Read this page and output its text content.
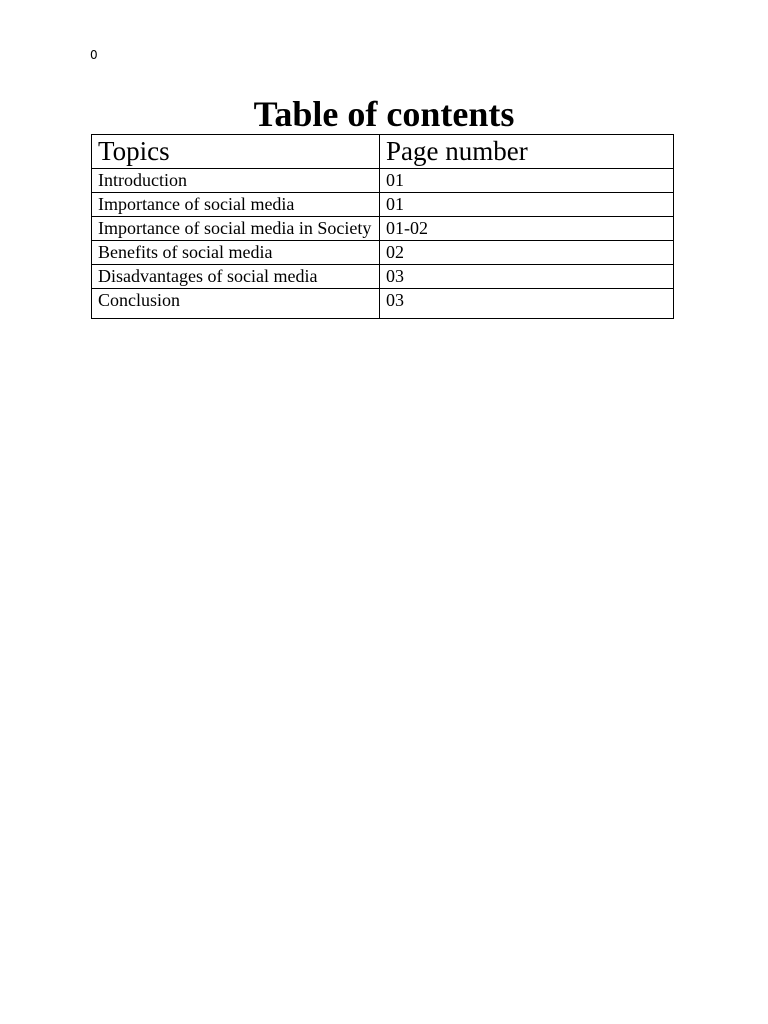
0
Table of contents
Topics	Page number
Introduction	01
Importance of social media	01
Importance of social media in Society	01-02
Benefits of social media	02
Disadvantages of social media	03
Conclusion	03
